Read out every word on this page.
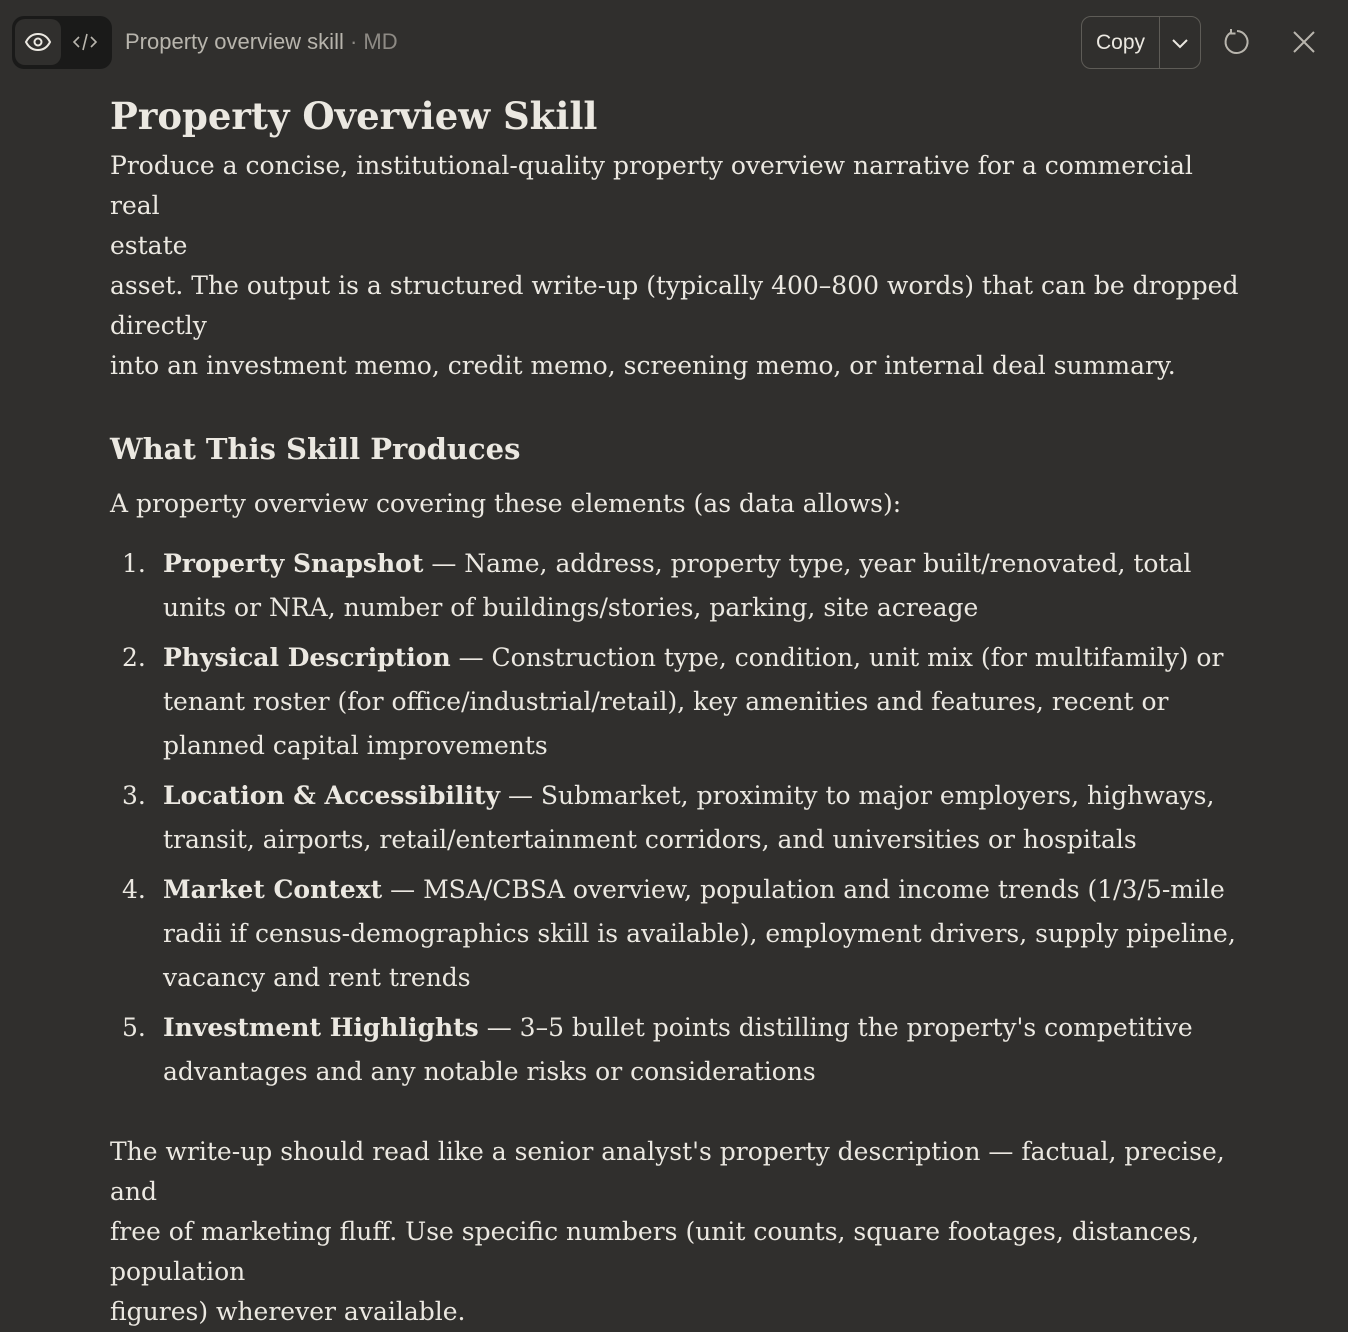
Property overview skill · MD	Copy
Property Overview Skill

Produce a concise, institutional-quality property overview narrative for a commercial real
estate
asset. The output is a structured write-up (typically 400–800 words) that can be dropped
directly
into an investment memo, credit memo, screening memo, or internal deal summary.

What This Skill Produces

A property overview covering these elements (as data allows):

1. Property Snapshot — Name, address, property type, year built/renovated, total units or NRA, number of buildings/stories, parking, site acreage
2. Physical Description — Construction type, condition, unit mix (for multifamily) or tenant roster (for office/industrial/retail), key amenities and features, recent or planned capital improvements
3. Location & Accessibility — Submarket, proximity to major employers, highways, transit, airports, retail/entertainment corridors, and universities or hospitals
4. Market Context — MSA/CBSA overview, population and income trends (1/3/5-mile radii if census-demographics skill is available), employment drivers, supply pipeline, vacancy and rent trends
5. Investment Highlights — 3–5 bullet points distilling the property's competitive advantages and any notable risks or considerations

The write-up should read like a senior analyst's property description — factual, precise, and
free of marketing fluff. Use specific numbers (unit counts, square footages, distances,
population
figures) wherever available.
